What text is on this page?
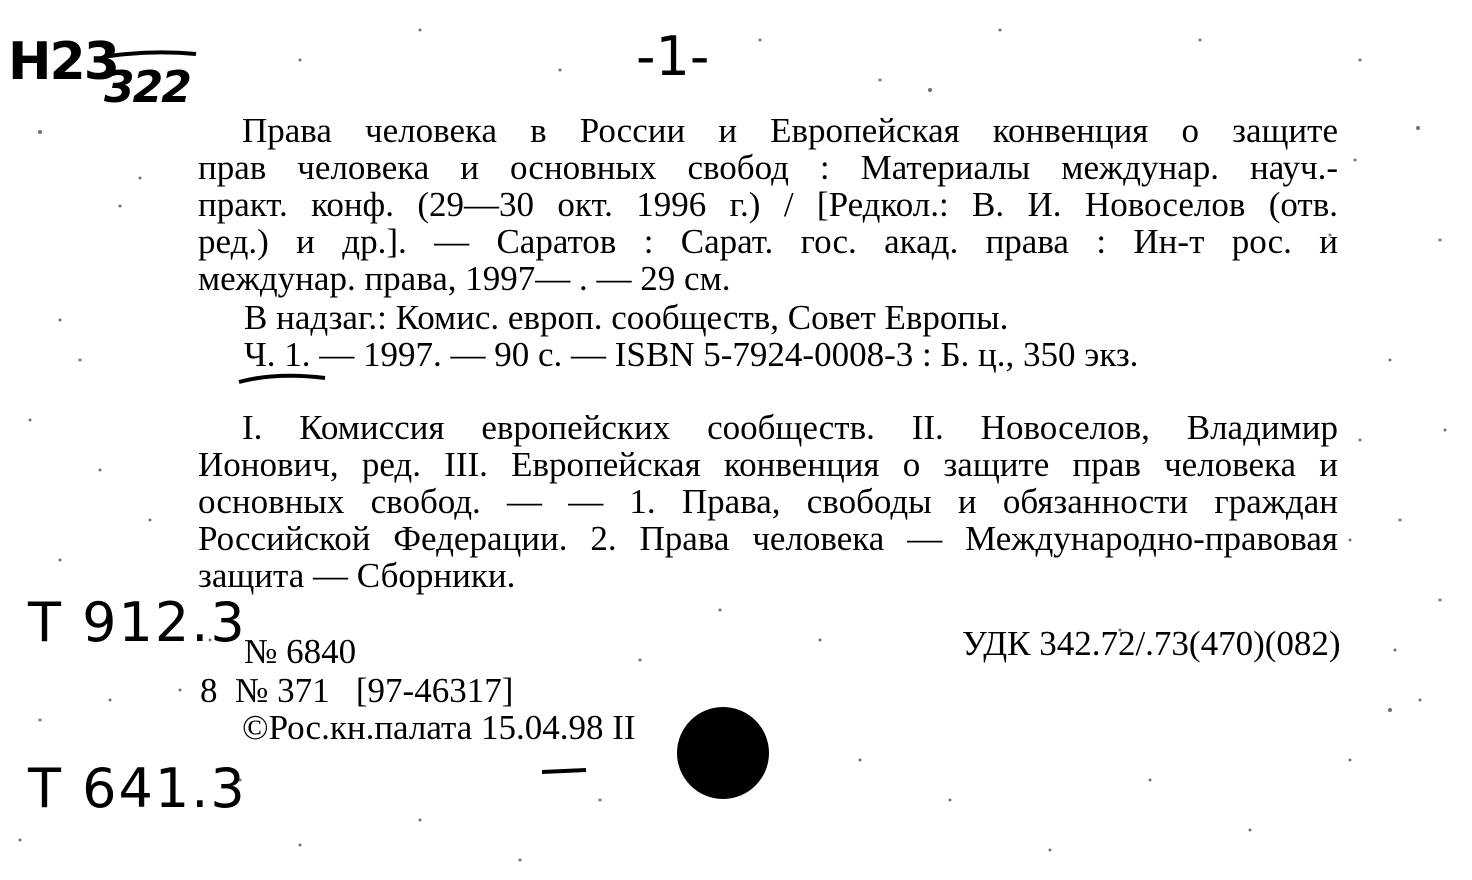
Н23
322	-1-
Права человека в России и Европейская конвенция о защите
прав человека и основных свобод : Материалы междунар. науч.-
практ. конф. (29—30 окт. 1996 г.) / [Редкол.: В. И. Новоселов (отв.
ред.) и др.]. — Саратов : Сарат. гос. акад. права : Ин-т рос. и
междунар. права, 1997— . — 29 см.
В надзаг.: Комис. европ. сообществ, Совет Европы.
Ч. 1. — 1997. — 90 с. — ISBN 5-7924-0008-3 : Б. ц., 350 экз.
I. Комиссия европейских сообществ. II. Новоселов, Владимир
Ионович, ред. III. Европейская конвенция о защите прав человека и
основных свобод. — — 1. Права, свободы и обязанности граждан
Российской Федерации. 2. Права человека — Международно-правовая
защита — Сборники.
Т 912.3
№ 6840	УДК 342.72/.73(470)(082)
8  № 371   [97-46317]
©Рос.кн.палата 15.04.98 II
Т 641.3
